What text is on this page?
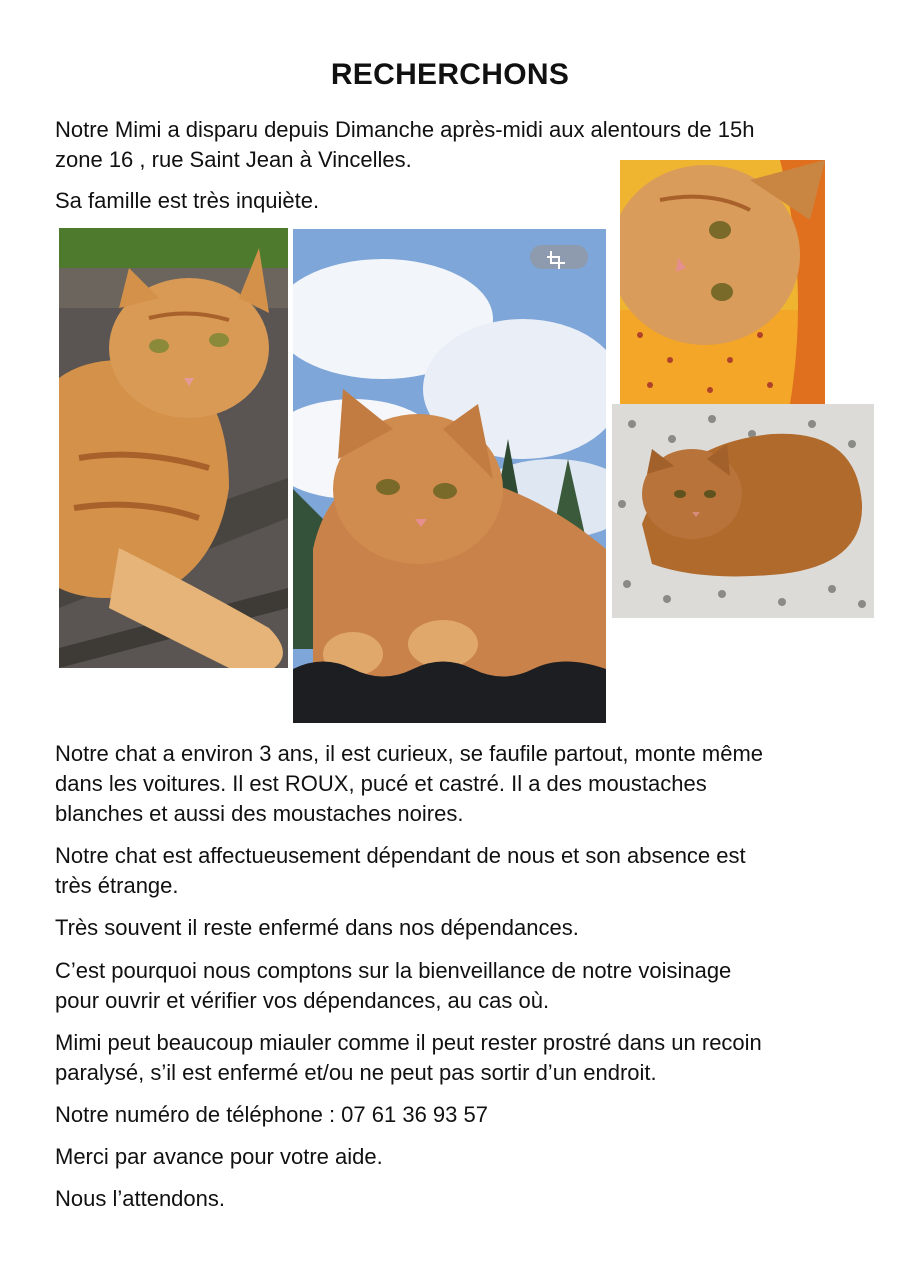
RECHERCHONS

Notre Mimi a disparu depuis Dimanche après-midi aux alentours de 15h
zone 16 , rue Saint Jean à Vincelles.

Sa famille est très inquiète.

Notre chat a environ 3 ans, il est curieux, se faufile partout, monte même
dans les voitures. Il est ROUX, pucé et castré. Il a des moustaches
blanches et aussi des moustaches noires.

Notre chat est affectueusement dépendant de nous et son absence est
très étrange.

Très souvent il reste enfermé dans nos dépendances.

C’est pourquoi nous comptons sur la bienveillance de notre voisinage
pour ouvrir et vérifier vos dépendances, au cas où.

Mimi peut beaucoup miauler comme il peut rester prostré dans un recoin
paralysé, s’il est enfermé et/ou ne peut pas sortir d’un endroit.

Notre numéro de téléphone : 07 61 36 93 57

Merci par avance pour votre aide.

Nous l’attendons.
